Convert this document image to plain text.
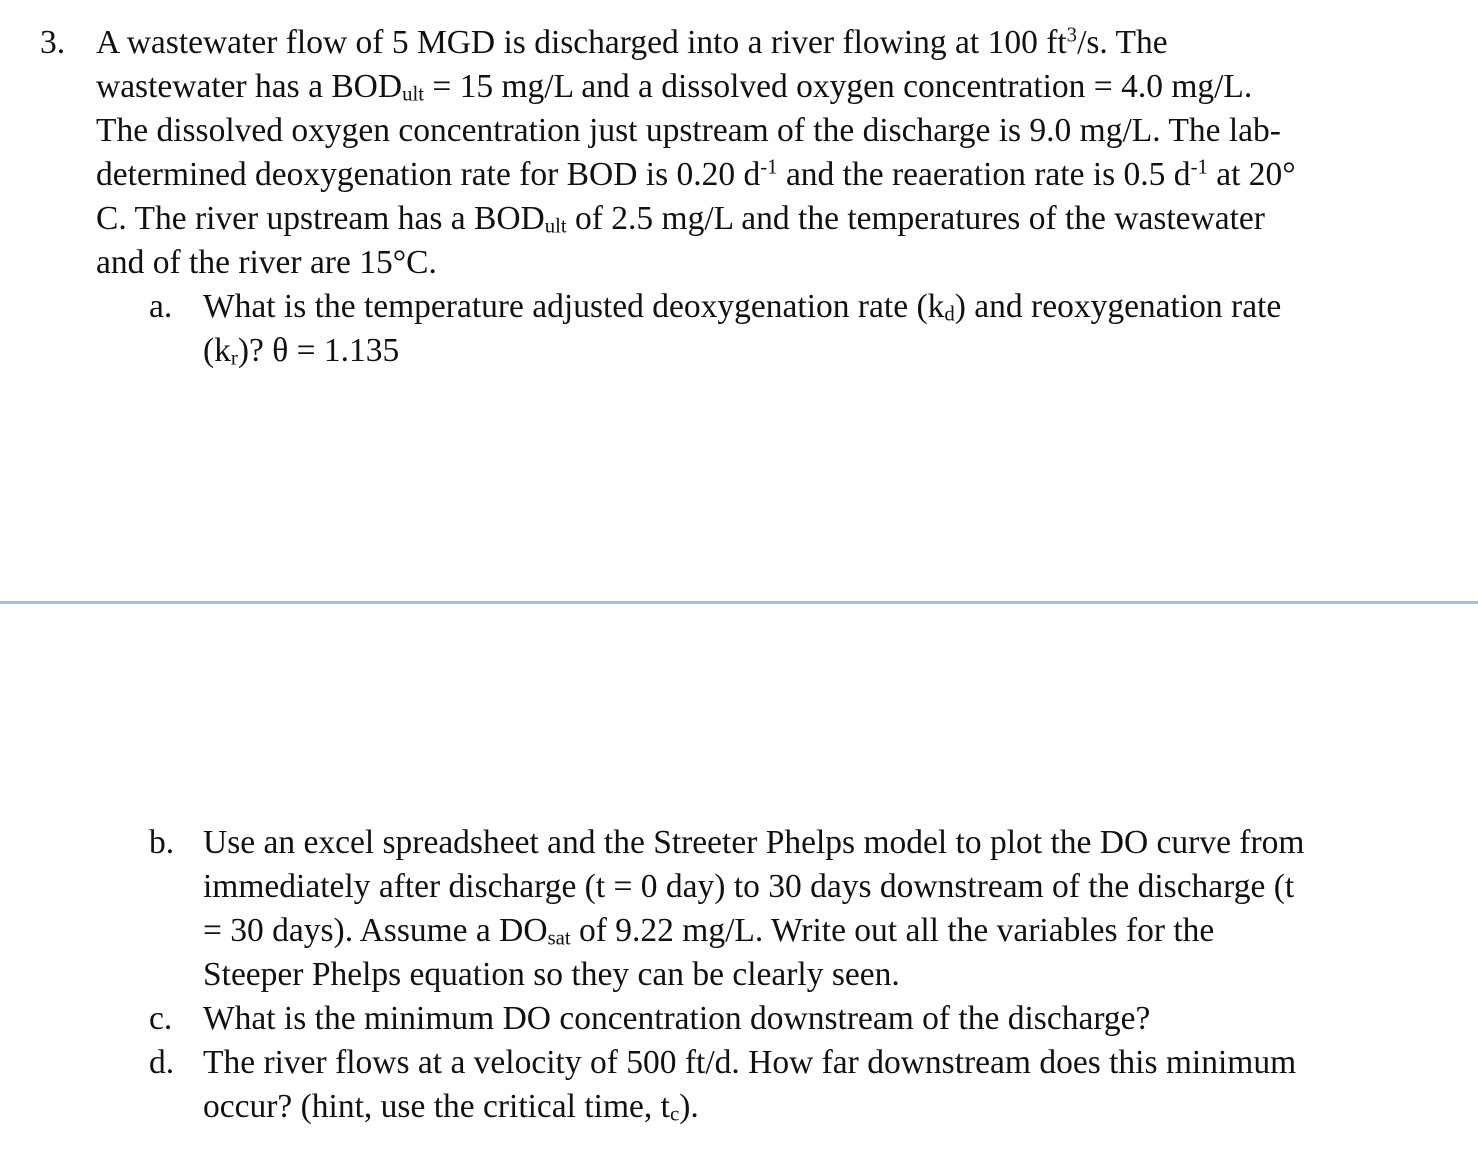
3. A wastewater flow of 5 MGD is discharged into a river flowing at 100 $ft^3/s$. The
wastewater has a $BOD_{ult} = 15$ mg/L and a dissolved oxygen concentration = 4.0 mg/L.
The dissolved oxygen concentration just upstream of the discharge is 9.0 mg/L. The lab-
determined deoxygenation rate for BOD is 0.20 $d^{-1}$ and the reaeration rate is 0.5 $d^{-1}$ at 20°
C. The river upstream has a $BOD_{ult}$ of 2.5 mg/L and the temperatures of the wastewater
and of the river are 15°C.
a. What is the temperature adjusted deoxygenation rate $(k_d)$ and reoxygenation rate
$(k_r)$? θ = 1.135
b. Use an excel spreadsheet and the Streeter Phelps model to plot the DO curve from
immediately after discharge (t = 0 day) to 30 days downstream of the discharge (t
= 30 days). Assume a $DO_{sat}$ of 9.22 mg/L. Write out all the variables for the
Steeper Phelps equation so they can be clearly seen.
c. What is the minimum DO concentration downstream of the discharge?
d. The river flows at a velocity of 500 ft/d. How far downstream does this minimum
occur? (hint, use the critical time, $t_c$).
